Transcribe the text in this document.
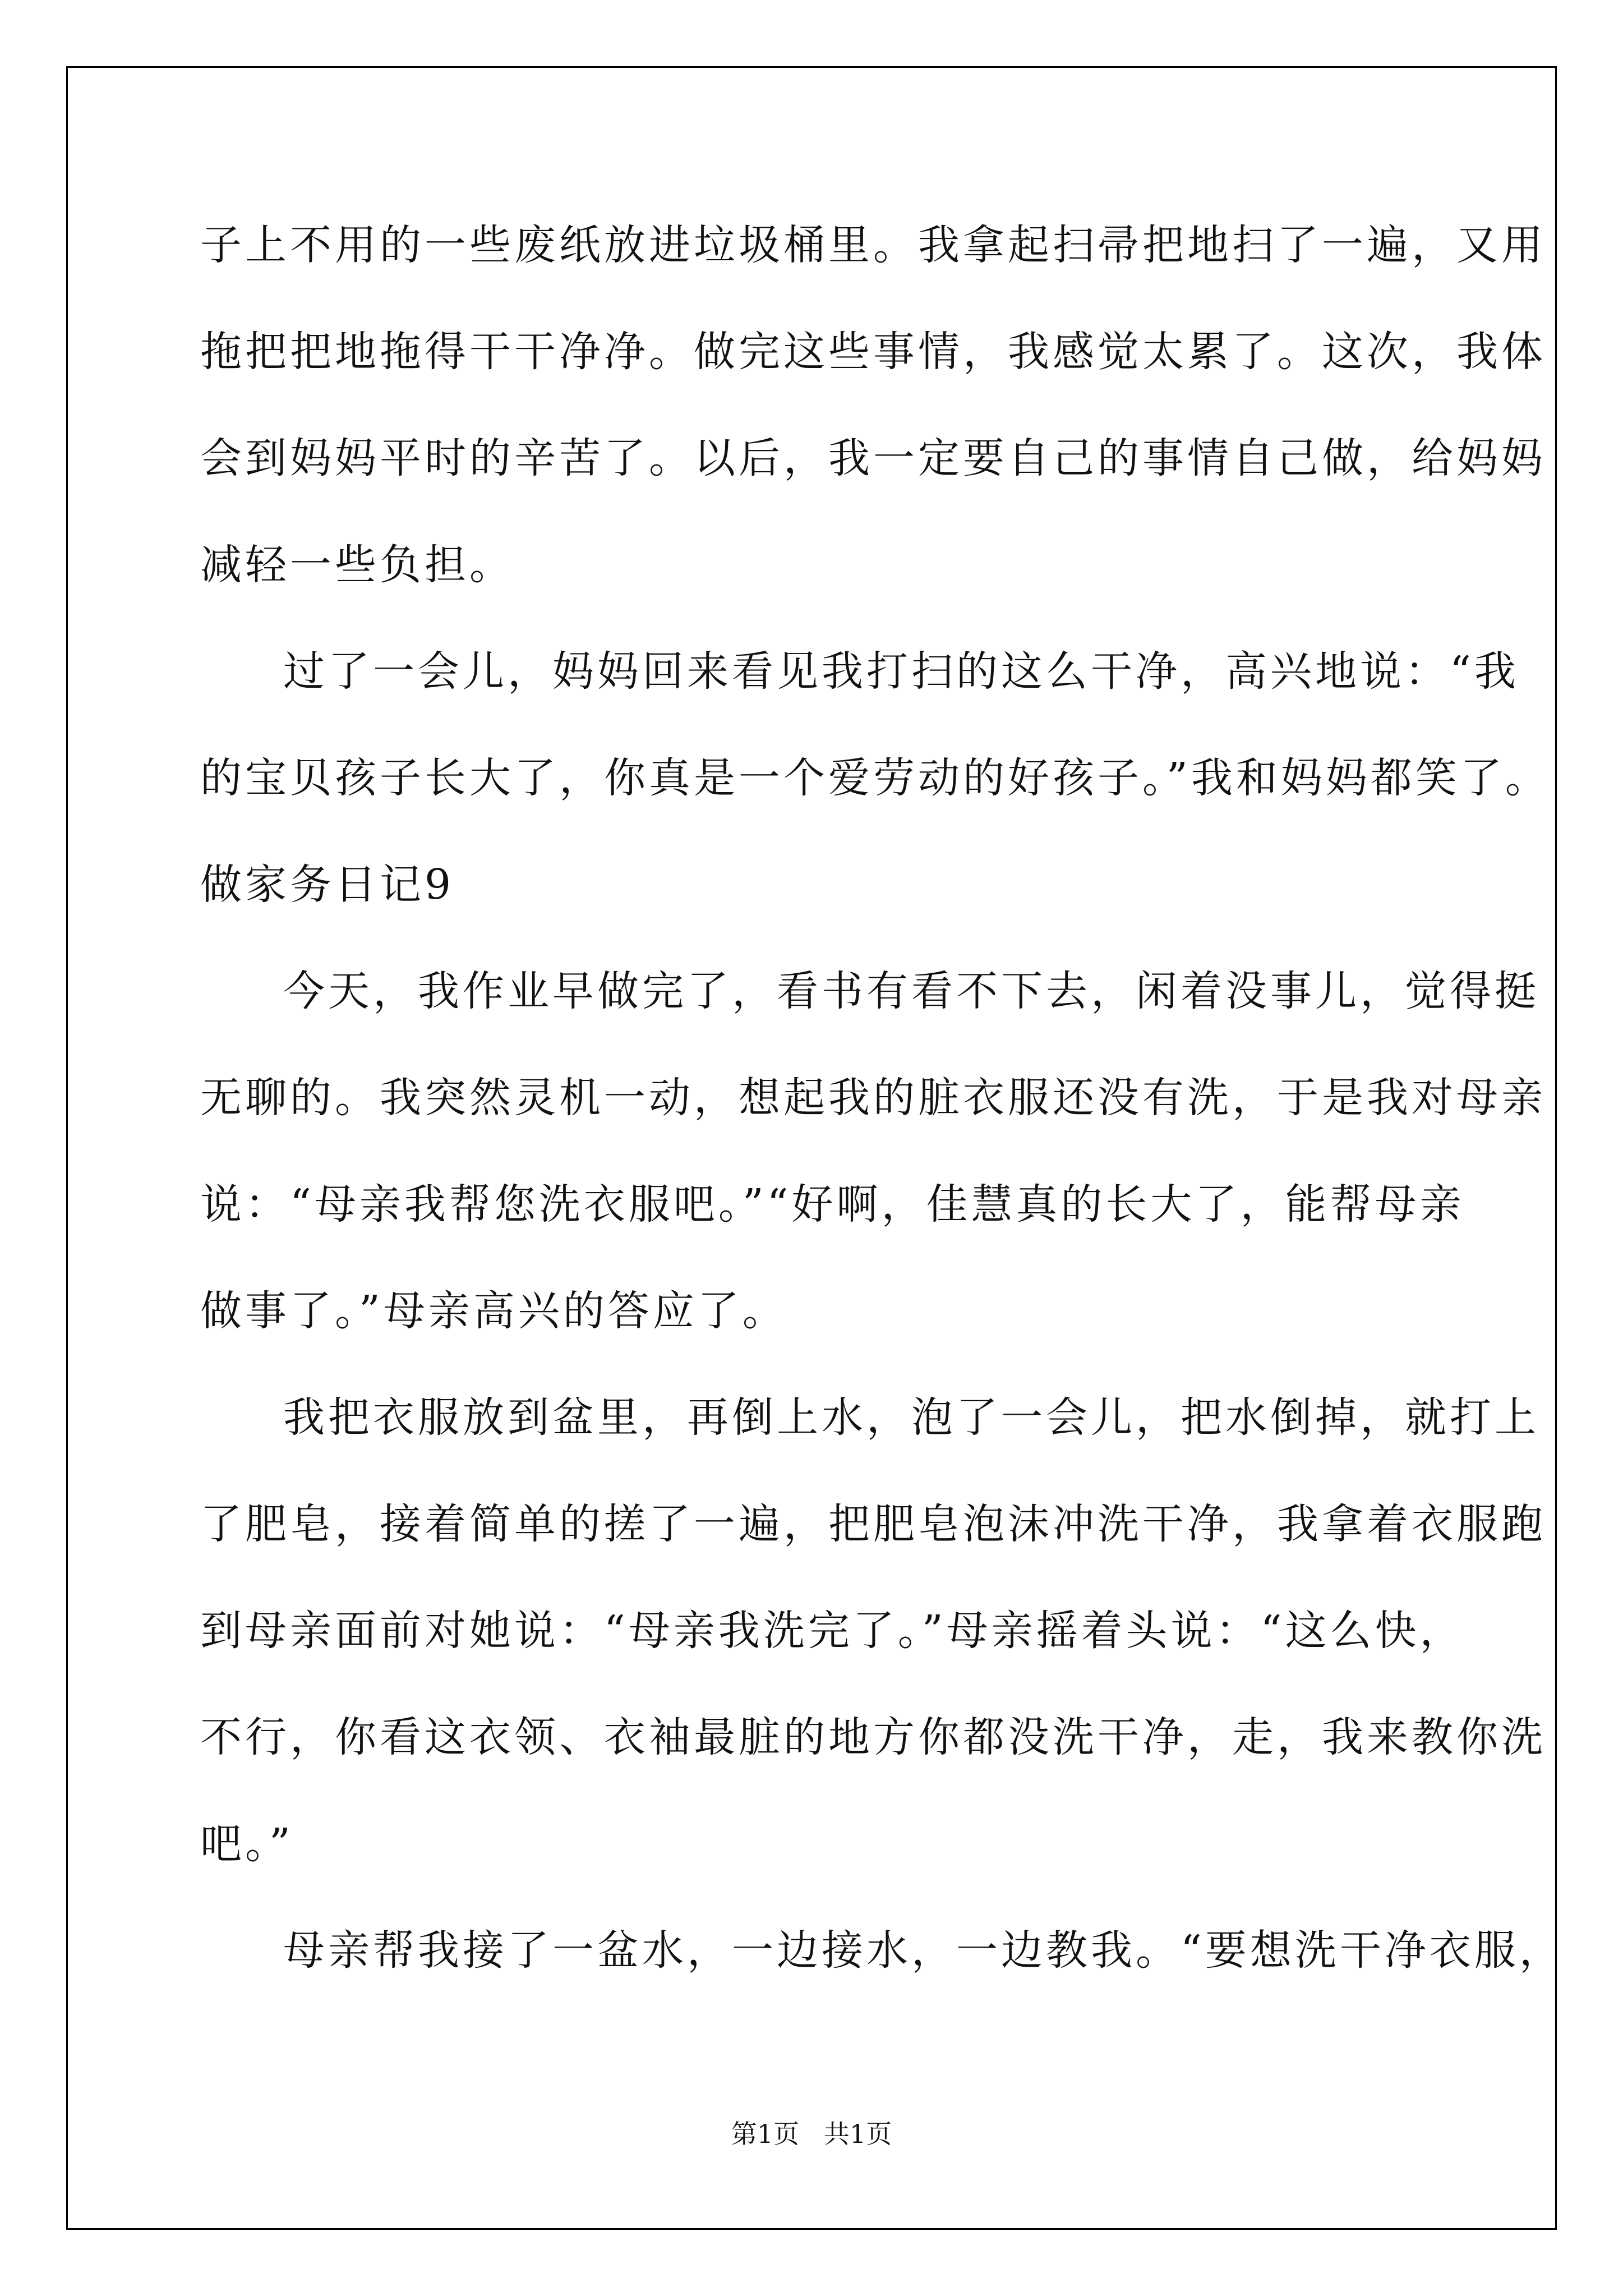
子上不用的一些废纸放进垃圾桶里。我拿起扫帚把地扫了一遍，又用
拖把把地拖得干干净净。做完这些事情，我感觉太累了。这次，我体
会到妈妈平时的辛苦了。以后，我一定要自己的事情自己做，给妈妈
减轻一些负担。
过了一会儿，妈妈回来看见我打扫的这么干净，高兴地说：“我
的宝贝孩子长大了，你真是一个爱劳动的好孩子。”我和妈妈都笑了。
做家务日记9
今天，我作业早做完了，看书有看不下去，闲着没事儿，觉得挺
无聊的。我突然灵机一动，想起我的脏衣服还没有洗，于是我对母亲
说：“母亲我帮您洗衣服吧。”“好啊，佳慧真的长大了，能帮母亲
做事了。”母亲高兴的答应了。
我把衣服放到盆里，再倒上水，泡了一会儿，把水倒掉，就打上
了肥皂，接着简单的搓了一遍，把肥皂泡沫冲洗干净，我拿着衣服跑
到母亲面前对她说：“母亲我洗完了。”母亲摇着头说：“这么快，
不行，你看这衣领、衣袖最脏的地方你都没洗干净，走，我来教你洗
吧。”
母亲帮我接了一盆水，一边接水，一边教我。“要想洗干净衣服，
第1页   共1页
